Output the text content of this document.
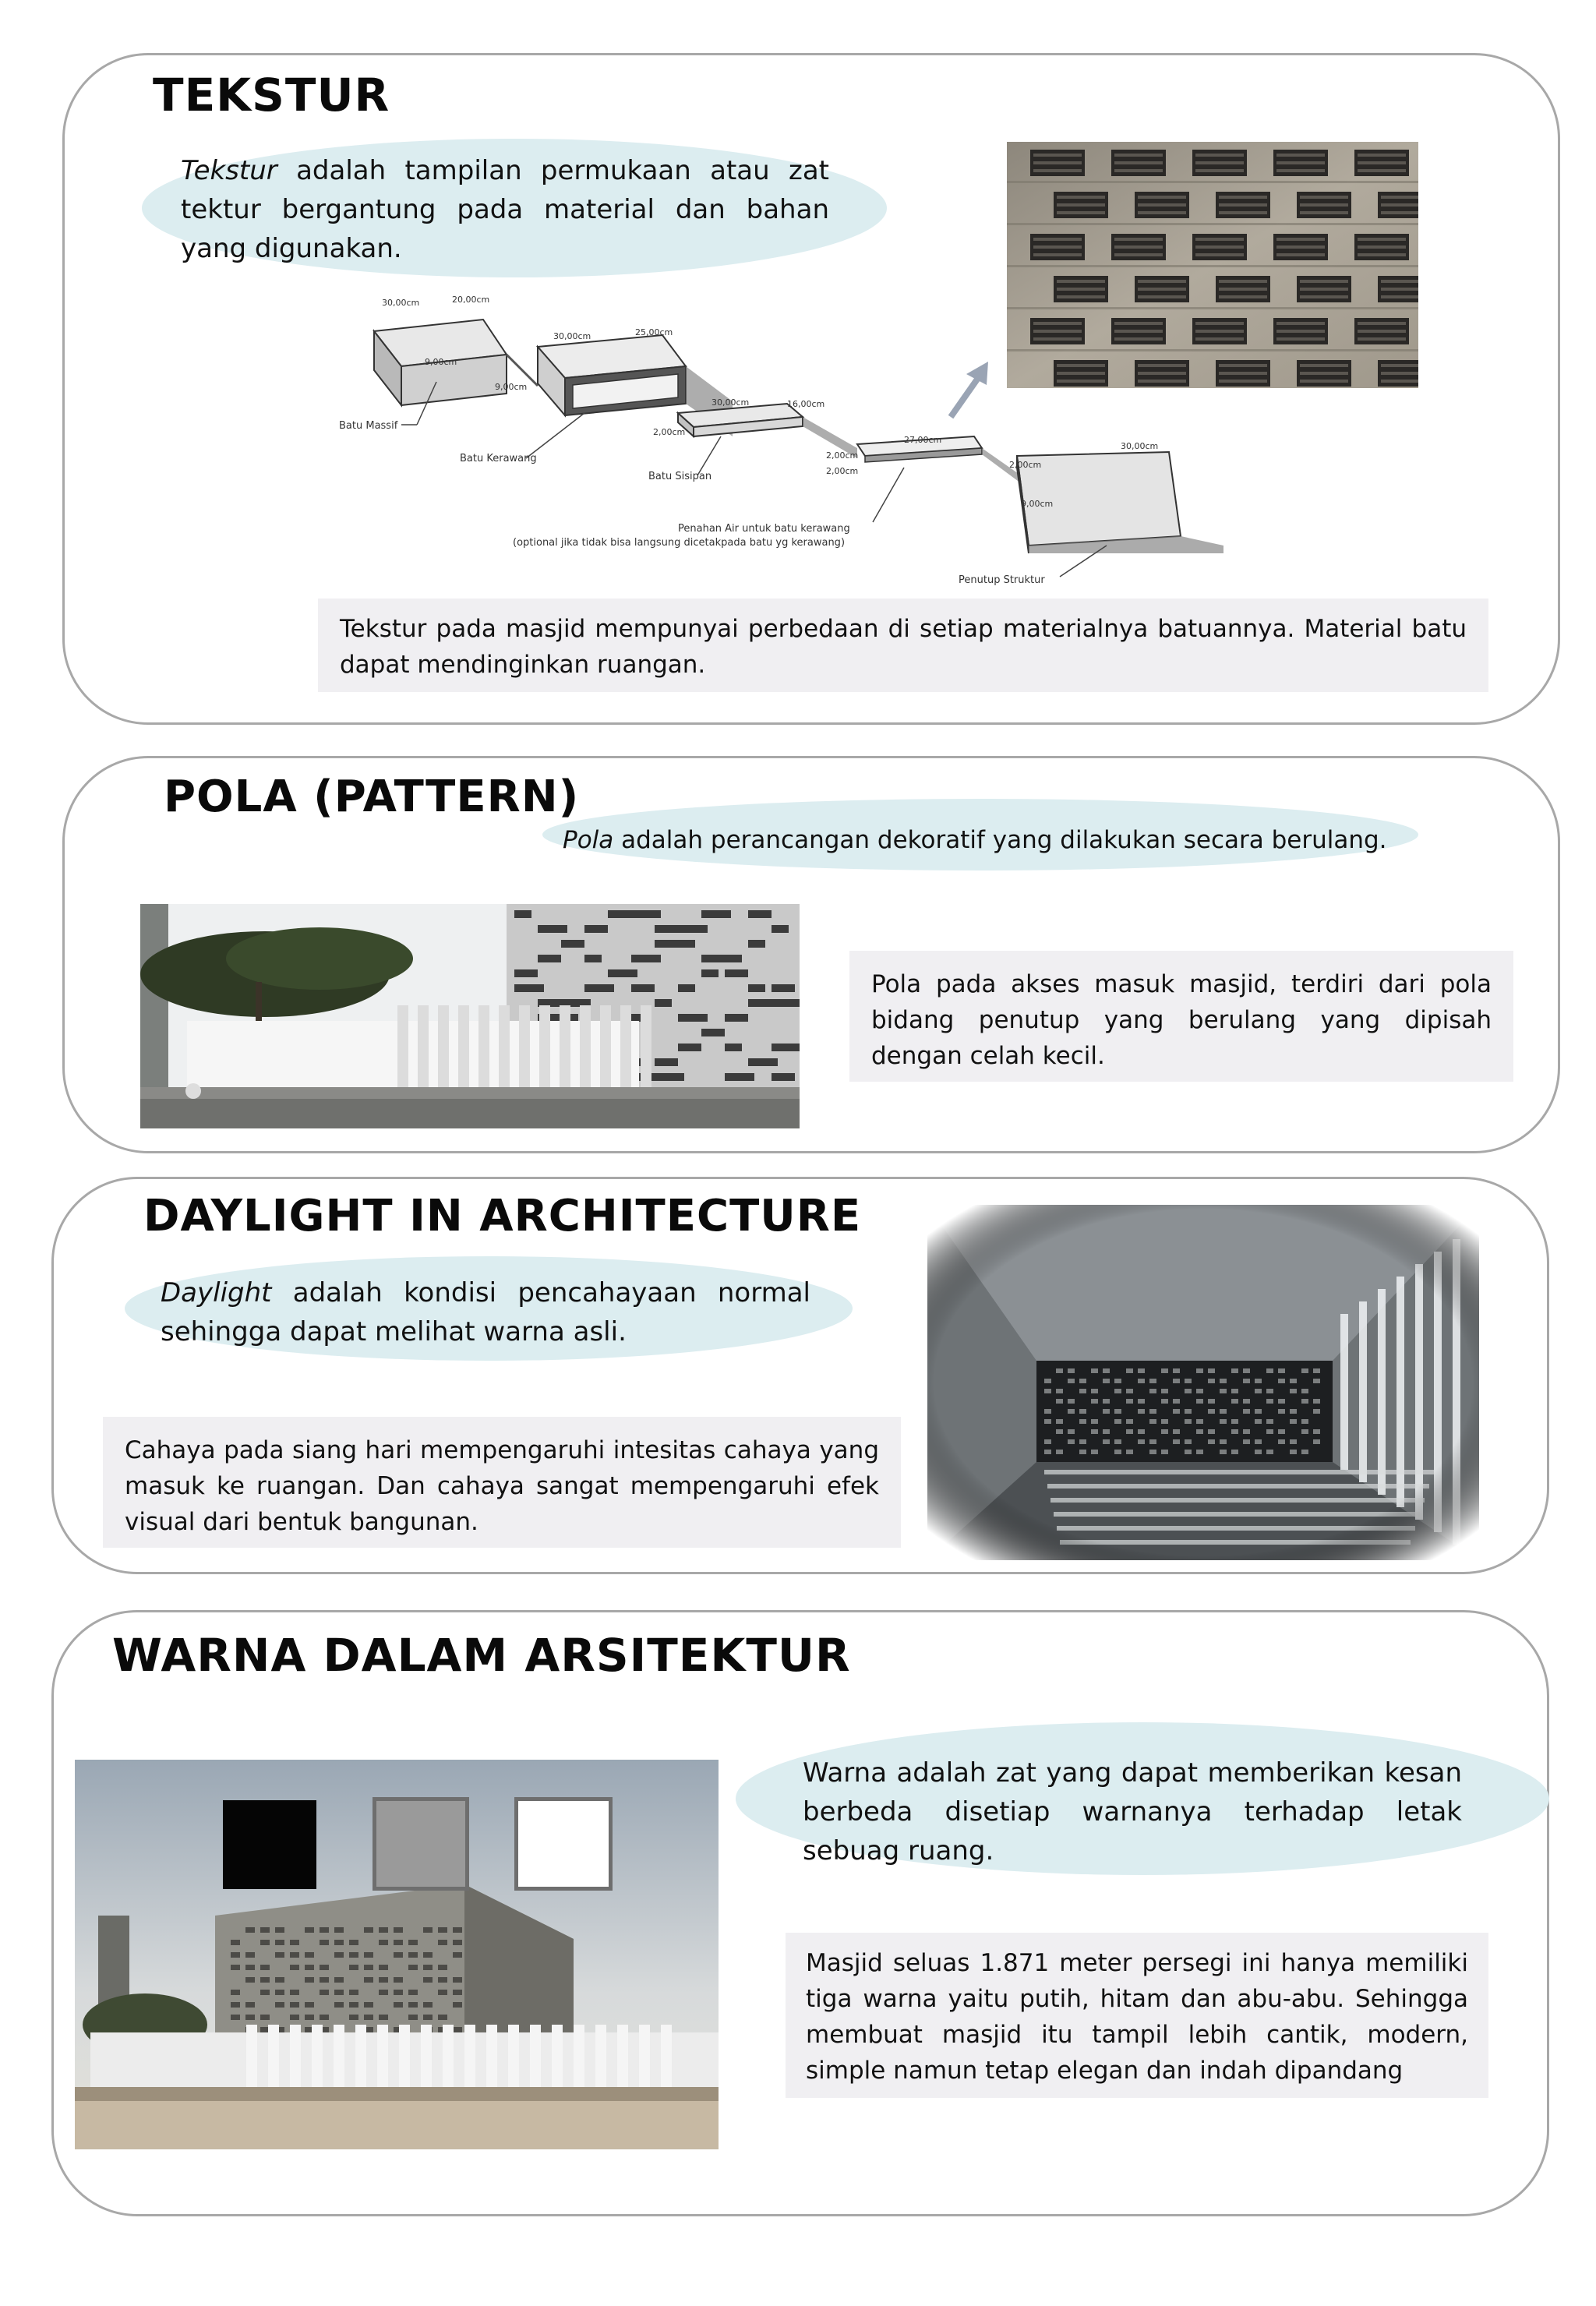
TEKSTUR

Tekstur adalah tampilan permukaan atau zat tektur bergantung pada material dan bahan yang digunakan.

Batu Massif
Batu Kerawang
Batu Sisipan
Penahan Air untuk batu kerawang
(optional jika tidak bisa langsung dicetakpada batu yg kerawang)
Penutup Struktur
30,00cm	20,00cm
9,00cm
30,00cm	25,00cm
9,00cm
30,00cm	16,00cm
2,00cm
27,00cm
2,00cm
2,00cm
30,00cm
2,00cm
9,00cm
Tekstur pada masjid mempunyai perbedaan di setiap materialnya batuannya. Material batu dapat mendinginkan ruangan.
POLA (PATTERN)

Pola adalah perancangan dekoratif yang dilakukan secara berulang.

Pola pada akses masuk masjid, terdiri dari pola bidang penutup yang berulang yang dipisah dengan celah kecil.
DAYLIGHT IN ARCHITECTURE

Daylight adalah kondisi pencahayaan normal sehingga dapat melihat warna asli.

Cahaya pada siang hari mempengaruhi intesitas cahaya yang masuk ke ruangan. Dan cahaya sangat mempengaruhi efek visual dari bentuk bangunan.
WARNA DALAM ARSITEKTUR

Warna adalah zat yang dapat memberikan kesan berbeda disetiap warnanya terhadap letak sebuag ruang.

Masjid seluas 1.871 meter persegi ini hanya memiliki tiga warna yaitu putih, hitam dan abu-abu. Sehingga membuat masjid itu tampil lebih cantik, modern, simple namun tetap elegan dan indah dipandang
